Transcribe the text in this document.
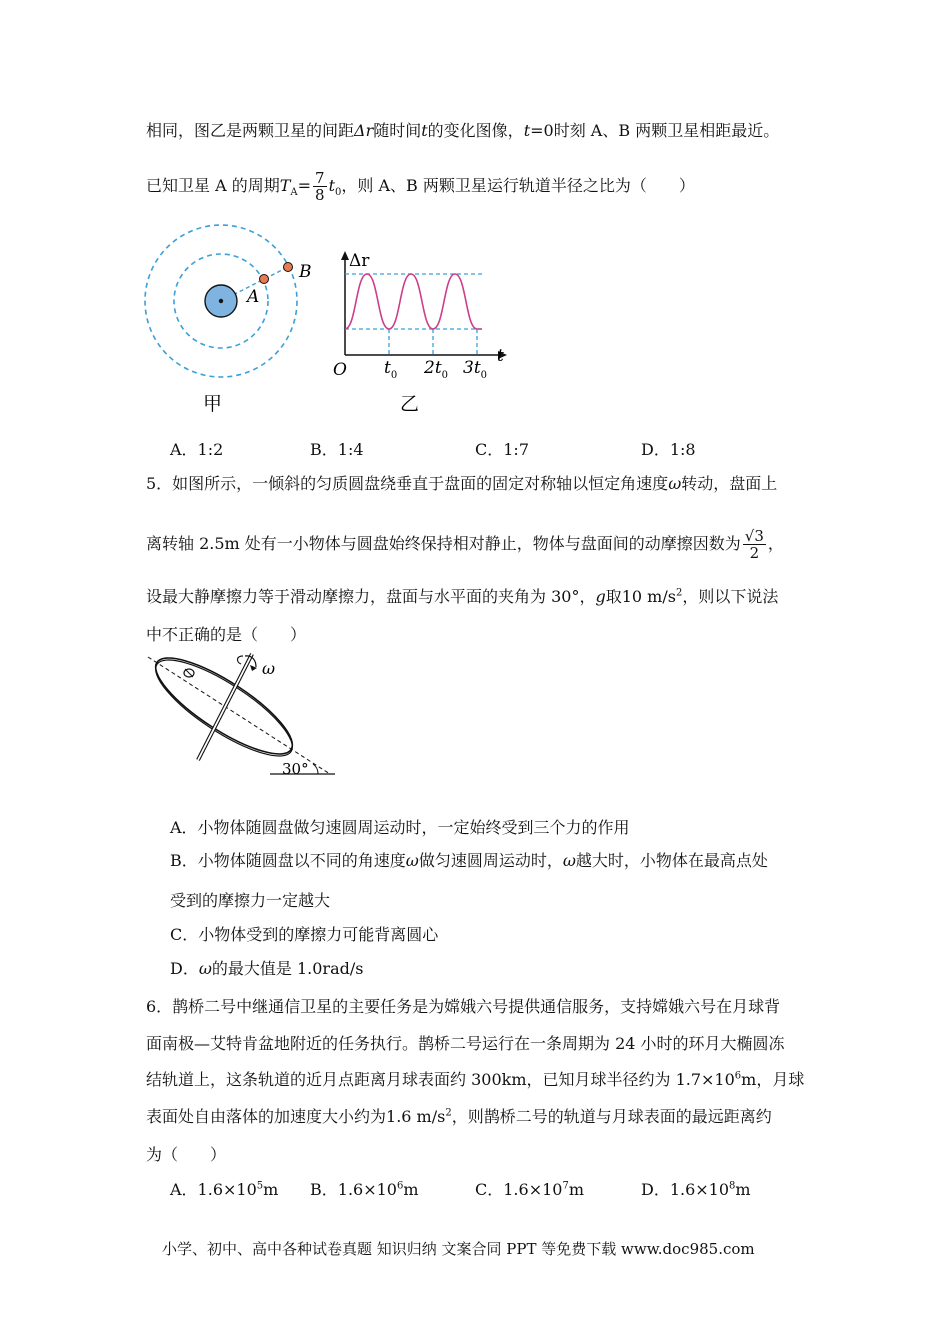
相同，图乙是两颗卫星的间距Δr随时间t的变化图像，t=0时刻 A、B 两颗卫星相距最近。
已知卫星 A 的周期$T_A= \frac{7}{8} t_0$，则 A、B 两颗卫星运行轨道半径之比为（　　）
A
B
甲
Δr
t
O $t_0$ $2t_0$ $3t_0$
乙
A．1:2	B．1:4	C．1:7	D．1:8
5．如图所示，一倾斜的匀质圆盘绕垂直于盘面的固定对称轴以恒定角速度ω转动，盘面上
离转轴 2.5m 处有一小物体与圆盘始终保持相对静止，物体与盘面间的动摩擦因数为 $\frac{√3}{2}$ ，
设最大静摩擦力等于滑动摩擦力，盘面与水平面的夹角为 30°，g取10 $m/s^2$，则以下说法
中不正确的是（　　）
ω
30°
A．小物体随圆盘做匀速圆周运动时，一定始终受到三个力的作用
B．小物体随圆盘以不同的角速度ω做匀速圆周运动时，ω越大时，小物体在最高点处
受到的摩擦力一定越大
C．小物体受到的摩擦力可能背离圆心
D．ω的最大值是 1.0rad/s
6．鹊桥二号中继通信卫星的主要任务是为嫦娥六号提供通信服务，支持嫦娥六号在月球背
面南极—艾特肯盆地附近的任务执行。鹊桥二号运行在一条周期为 24 小时的环月大椭圆冻
结轨道上，这条轨道的近月点距离月球表面约 300km，已知月球半径约为 $1.7\times 10^6m$，月球
表面处自由落体的加速度大小约为1.6 $m/s^2$，则鹊桥二号的轨道与月球表面的最远距离约
为（　　）
A．$1.6\times 10^5m$ B．$1.6\times 10^6m$	C．$1.6\times 10^7m$	D．$1.6\times 10^8m$
小学、初中、高中各种试卷真题 知识归纳 文案合同 PPT 等免费下载 www.doc985.com
